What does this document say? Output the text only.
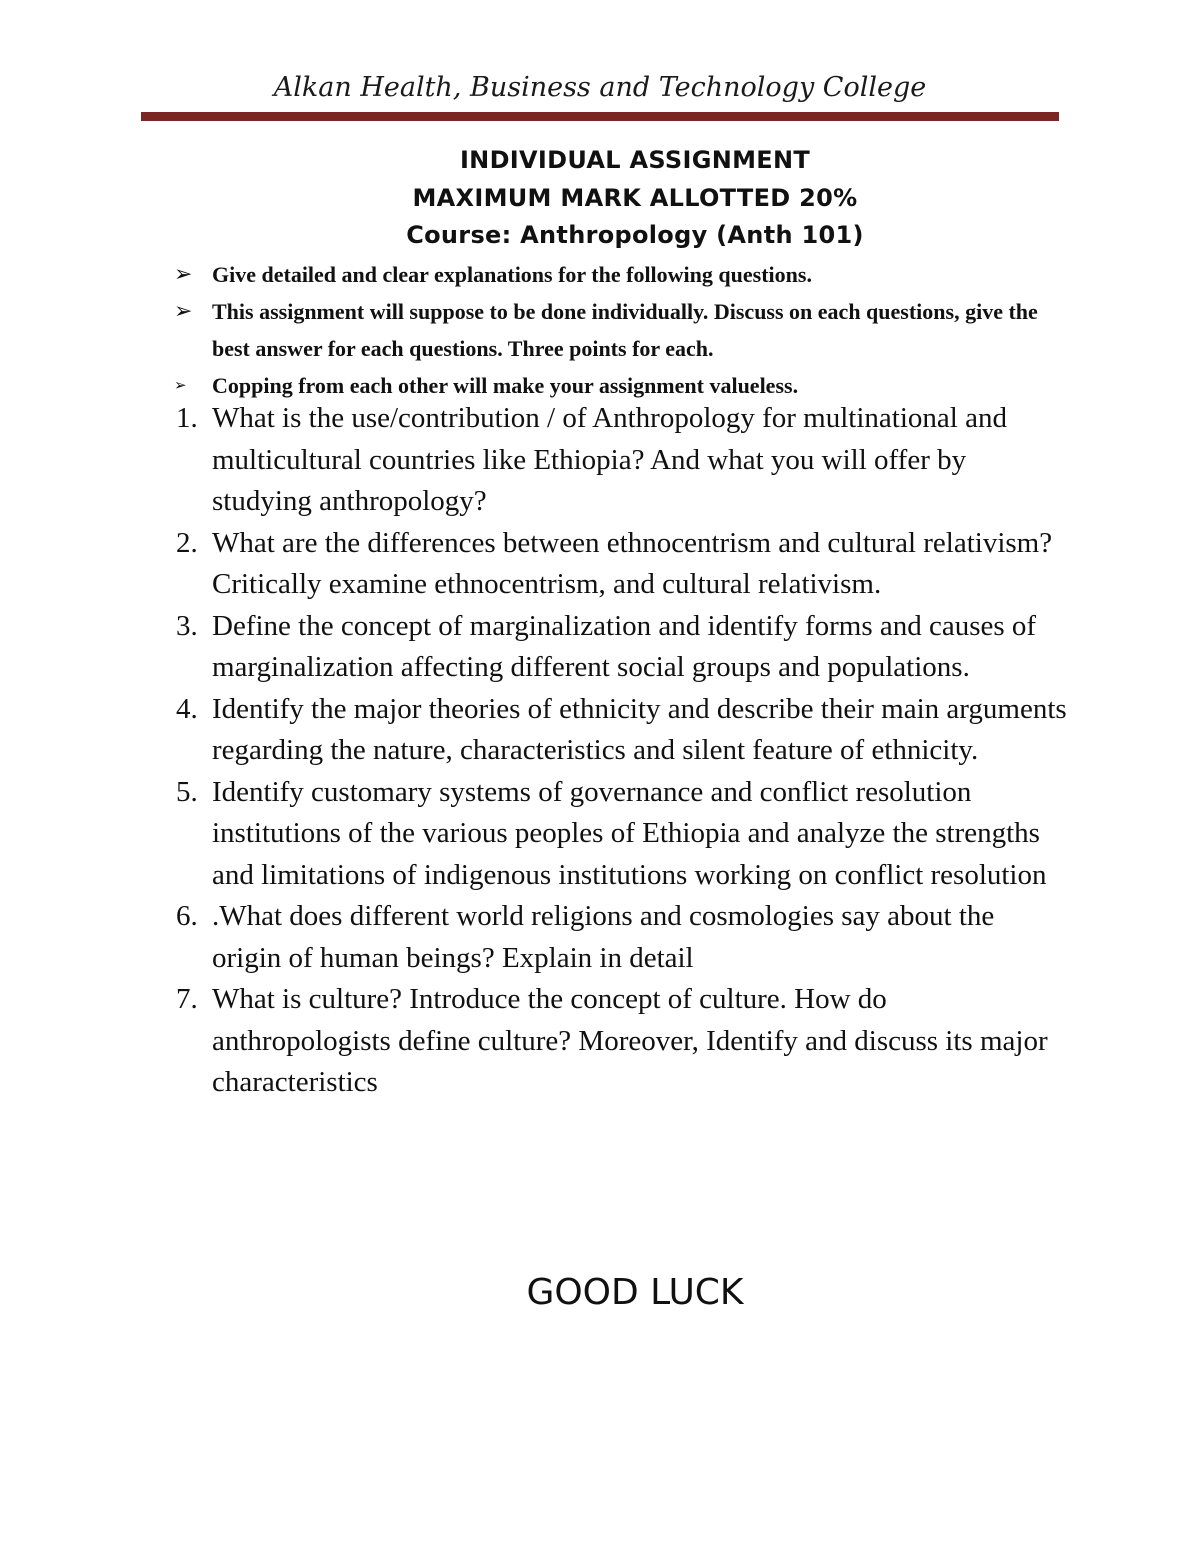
Alkan Health, Business and Technology College
INDIVIDUAL ASSIGNMENT
MAXIMUM MARK ALLOTTED 20%
Course: Anthropology (Anth 101)
➢ Give detailed and clear explanations for the following questions.
➢ This assignment will suppose to be done individually. Discuss on each questions, give the best answer for each questions. Three points for each.
➢ Copping from each other will make your assignment valueless.
1. What is the use/contribution / of Anthropology for multinational and multicultural countries like Ethiopia? And what you will offer by studying anthropology?
2. What are the differences between ethnocentrism and cultural relativism? Critically examine ethnocentrism, and cultural relativism.
3. Define the concept of marginalization and identify forms and causes of marginalization affecting different social groups and populations.
4. Identify the major theories of ethnicity and describe their main arguments regarding the nature, characteristics and silent feature of ethnicity.
5. Identify customary systems of governance and conflict resolution institutions of the various peoples of Ethiopia and analyze the strengths and limitations of indigenous institutions working on conflict resolution
6. .What does different world religions and cosmologies say about the origin of human beings? Explain in detail
7. What is culture? Introduce the concept of culture. How do anthropologists define culture? Moreover, Identify and discuss its major characteristics
GOOD LUCK
